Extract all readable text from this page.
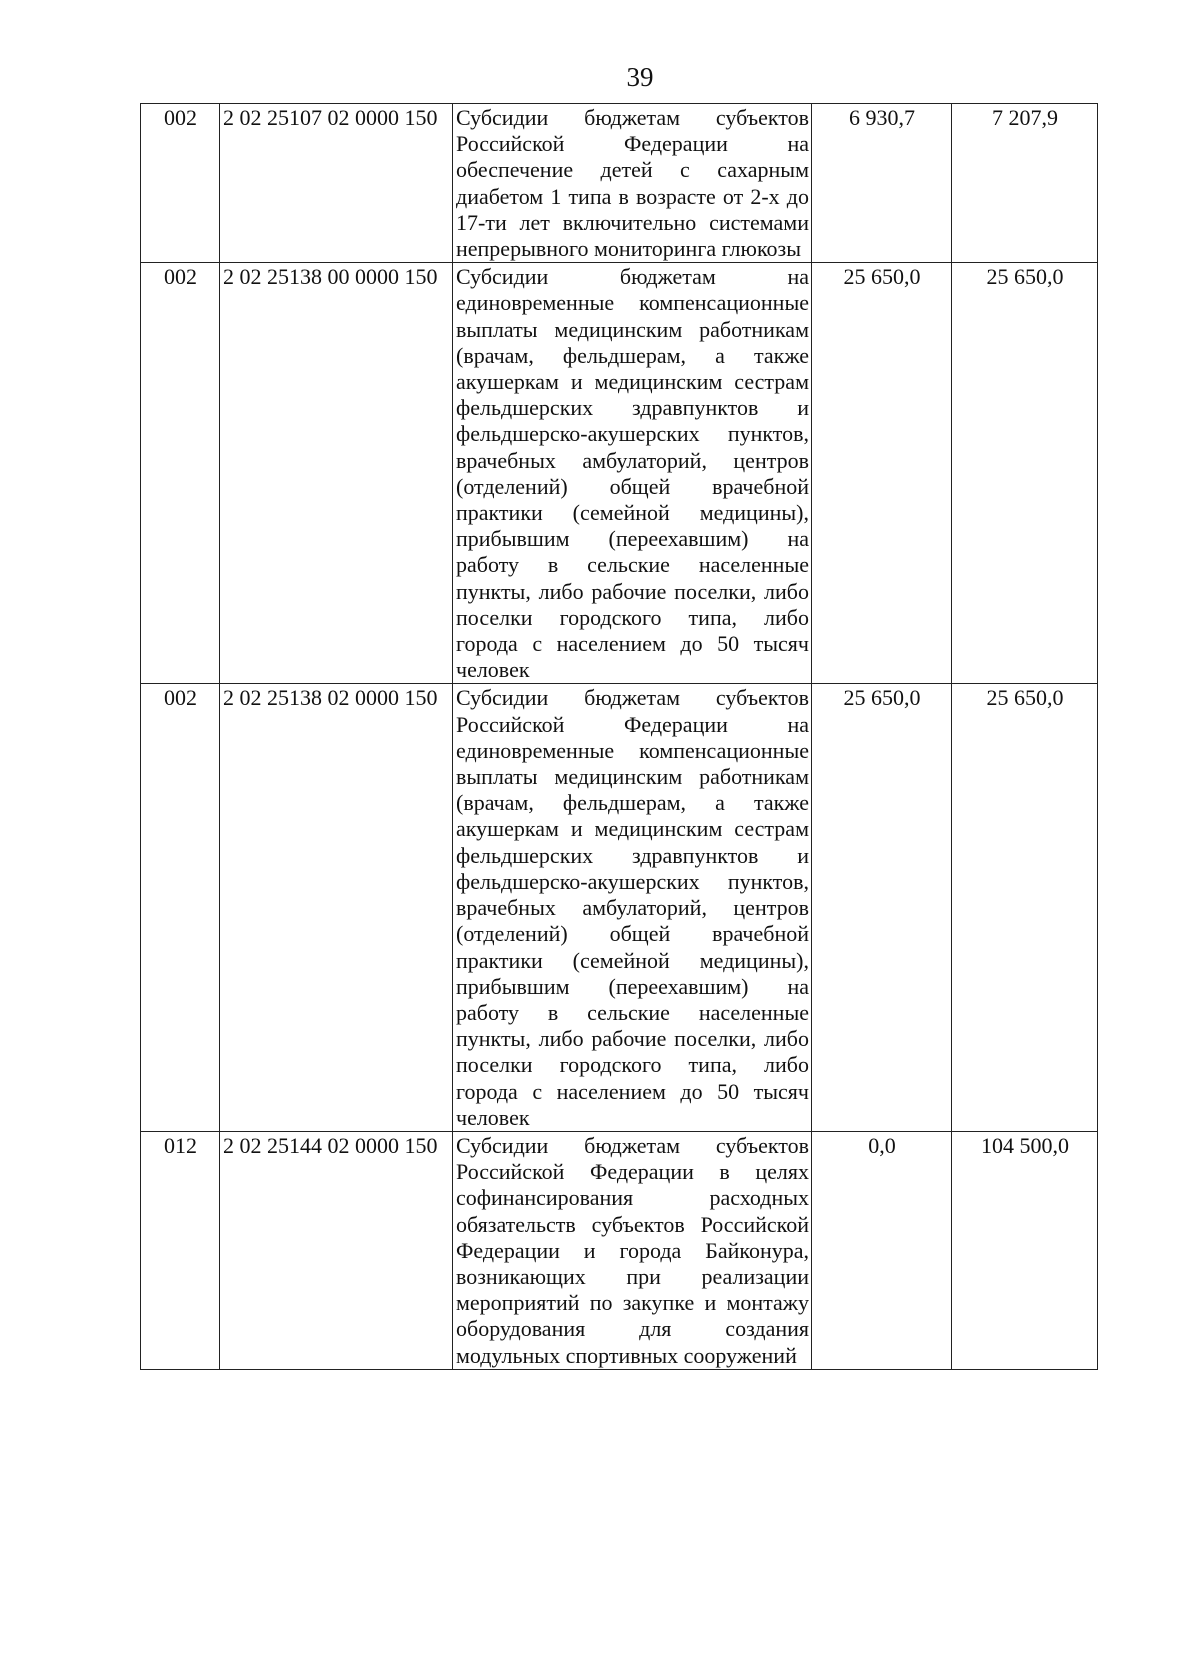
39
002	2 02 25107 02 0000 150	Субсидии бюджетам субъектов Российской Федерации на обеспечение детей с сахарным диабетом 1 типа в возрасте от 2-х до 17-ти лет включительно системами непрерывного мониторинга глюкозы	6 930,7	7 207,9
002	2 02 25138 00 0000 150	Субсидии бюджетам на единовременные компенсационные выплаты медицинским работникам (врачам, фельдшерам, а также акушеркам и медицинским сестрам фельдшерских здравпунктов и фельдшерско-акушерских пунктов, врачебных амбулаторий, центров (отделений) общей врачебной практики (семейной медицины), прибывшим (переехавшим) на работу в сельские населенные пункты, либо рабочие поселки, либо поселки городского типа, либо города с населением до 50 тысяч человек	25 650,0	25 650,0
002	2 02 25138 02 0000 150	Субсидии бюджетам субъектов Российской Федерации на единовременные компенсационные выплаты медицинским работникам (врачам, фельдшерам, а также акушеркам и медицинским сестрам фельдшерских здравпунктов и фельдшерско-акушерских пунктов, врачебных амбулаторий, центров (отделений) общей врачебной практики (семейной медицины), прибывшим (переехавшим) на работу в сельские населенные пункты, либо рабочие поселки, либо поселки городского типа, либо города с населением до 50 тысяч человек	25 650,0	25 650,0
012	2 02 25144 02 0000 150	Субсидии бюджетам субъектов Российской Федерации в целях софинансирования расходных обязательств субъектов Российской Федерации и города Байконура, возникающих при реализации мероприятий по закупке и монтажу оборудования для создания модульных спортивных сооружений	0,0	104 500,0
